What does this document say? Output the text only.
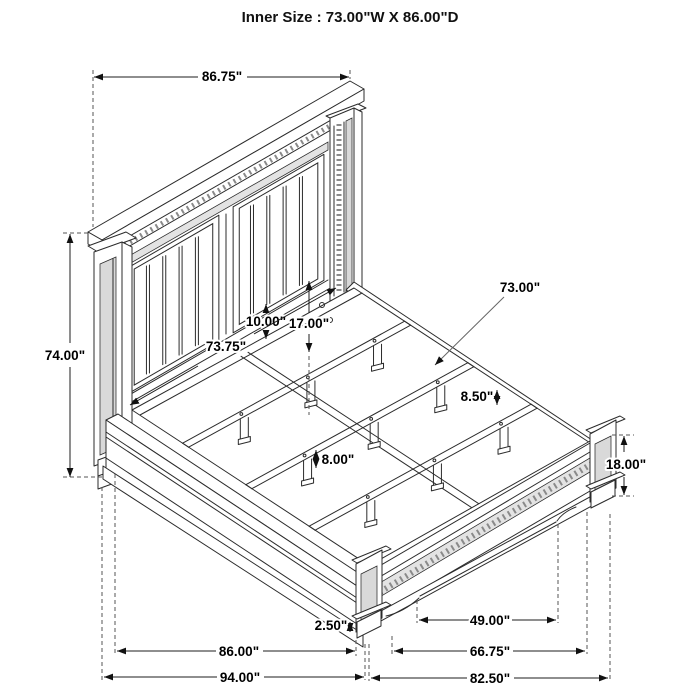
Inner Size : 73.00"W X 86.00"D
86.75"
74.00"
10.00" 17.00"
73.75"
73.00"
8.50"
8.00"	18.00"
2.50"
86.00"
94.00"
49.00"
66.75"
82.50"
